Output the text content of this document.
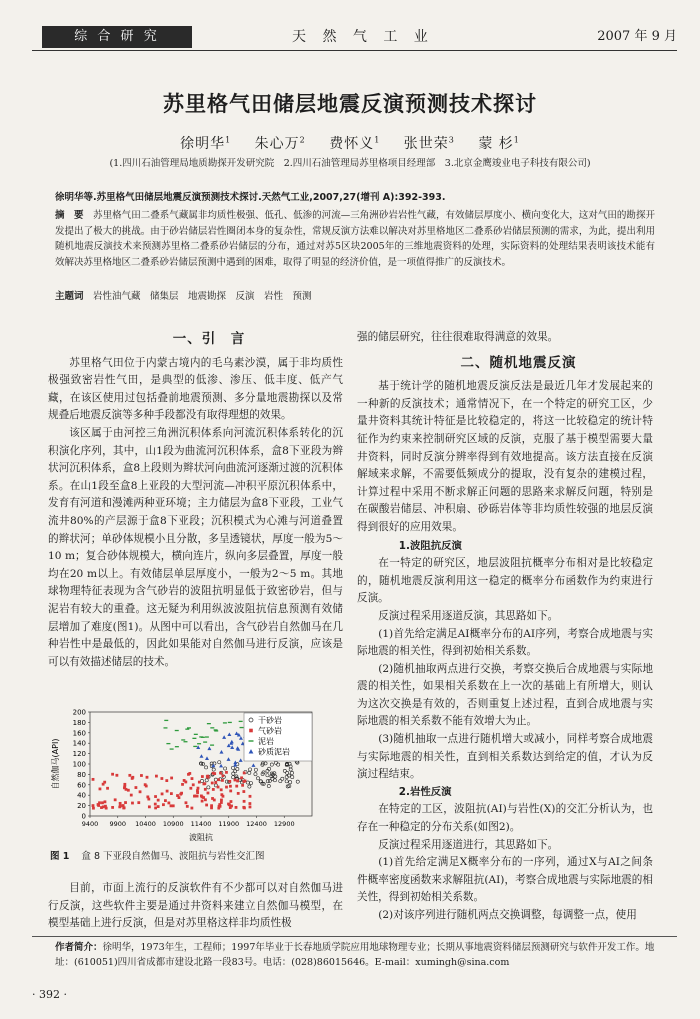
综 合 研 究	天 然 气 工 业	2007 年 9 月
苏里格气田储层地震反演预测技术探讨
徐明华$^1$ 朱心万$^2$ 费怀义$^1$ 张世荣$^3$ 蒙 杉$^1$
(1.四川石油管理局地质勘探开发研究院　2.四川石油管理局苏里格项目经理部　3.北京金鹰竣业电子科技有限公司)
徐明华等.苏里格气田储层地震反演预测技术探讨.天然气工业,2007,27(增刊 A):392-393.
摘　要　 苏里格气田二叠系气藏属非均质性极强、低孔、低渗的河流—三角洲砂岩岩性气藏，有效储层厚度小、横向变化大，这对气田的勘探开发提出了极大的挑战。由于砂岩储层岩性圈闭本身的复杂性，常规反演方法难以解决对苏里格地区二叠系砂岩储层预测的需求，为此，提出利用随机地震反演技术来预测苏里格二叠系砂岩储层的分布，通过对苏5区块2005年的三维地震资料的处理，实际资料的处理结果表明该技术能有效解决苏里格地区二叠系砂岩储层预测中遇到的困难，取得了明显的经济价值，是一项值得推广的反演技术。
主题词　 岩性油气藏　储集层　地震勘探　反演　岩性　预测

一、引　言

苏里格气田位于内蒙古境内的毛乌素沙漠，属于非均质性极强致密岩性气田，是典型的低渗、渗压、低丰度、低产气藏，在该区使用过包括叠前地震预测、多分量地震勘探以及常规叠后地震反演等多种手段都没有取得理想的效果。

该区属于由河控三角洲沉积体系向河流沉积体系转化的沉积演化序列，其中，山1段为曲流河沉积体系，盒8下亚段为辫状河沉积体系，盒8上段则为辫状河向曲流河逐渐过渡的沉积体系。在山1段至盒8上亚段的大型河流—冲积平原沉积体系中，发育有河道和漫滩两种亚环境；主力储层为盒8下亚段，工业气流井80%的产层源于盒8下亚段；沉积模式为心滩与河道叠置的辫状河；单砂体规模小且分散，多呈透镜状，厚度一般为5～10 m；复合砂体规模大，横向连片，纵向多层叠置，厚度一般均在20 m以上。有效储层单层厚度小，一般为2～5 m。其地球物理特征表现为含气砂岩的波阻抗明显低于致密砂岩，但与泥岩有较大的重叠。这无疑为利用纵波波阻抗信息预测有效储层增加了难度(图1)。从图中可以看出，含气砂岩自然伽马在几种岩性中是最低的，因此如果能对自然伽马进行反演，应该是可以有效描述储层的技术。

0
20
40
60
80
100
120
140
160
180
200
9400 9900 10400 10900 11400 11900 12400 12900
波阻抗
自然伽马(API)
干砂岩
气砂岩
泥岩
砂质泥岩
图 1 盒 8 下亚段自然伽马、波阻抗与岩性交汇图

目前，市面上流行的反演软件有不少都可以对自然伽马进行反演，这些软件主要是通过井资料来建立自然伽马模型，在模型基础上进行反演，但是对苏里格这样非均质性极

强的储层研究，往往很难取得满意的效果。

二、随机地震反演

基于统计学的随机地震反演反法是最近几年才发展起来的一种新的反演技术；通常情况下，在一个特定的研究工区，少量井资料其统计特征是比较稳定的，将这一比较稳定的统计特征作为约束来控制研究区域的反演，克服了基于模型需要大量井资料，同时反演分辨率得到有效地提高。该方法直接在反演解域来求解，不需要低频成分的提取，没有复杂的建模过程，计算过程中采用不断求解正问题的思路来求解反问题，特别是在碳酸岩储层、冲积扇、砂砾岩体等非均质性较强的地层反演得到很好的应用效果。

1.波阻抗反演

在一特定的研究区，地层波阻抗概率分布相对是比较稳定的，随机地震反演利用这一稳定的概率分布函数作为约束进行反演。

反演过程采用逐道反演，其思路如下。

(1)首先给定满足AI概率分布的AI序列，考察合成地震与实际地震的相关性，得到初始相关系数。

(2)随机抽取两点进行交换，考察交换后合成地震与实际地震的相关性，如果相关系数在上一次的基础上有所增大，则认为这次交换是有效的，否则重复上述过程，直到合成地震与实际地震的相关系数不能有效增大为止。

(3)随机抽取一点进行随机增大或减小，同样考察合成地震与实际地震的相关性，直到相关系数达到给定的值，才认为反演过程结束。

2.岩性反演

在特定的工区，波阻抗(AI)与岩性(X)的交汇分析认为，也存在一种稳定的分布关系(如图2)。

反演过程采用逐道进行，其思路如下。

(1)首先给定满足X概率分布的一序列，通过X与AI之间条件概率密度函数来求解阻抗(AI)，考察合成地震与实际地震的相关性，得到初始相关系数。

(2)对该序列进行随机两点交换调整，每调整一点，使用

作者简介：徐明华，1973年生，工程师；1997年毕业于长春地质学院应用地球物理专业；长期从事地震资料储层预测研究与软件开发工作。地址：(610051)四川省成都市建设北路一段83号。电话：(028)86015646。E-mail：xumingh@sina.com
· 392 ·
